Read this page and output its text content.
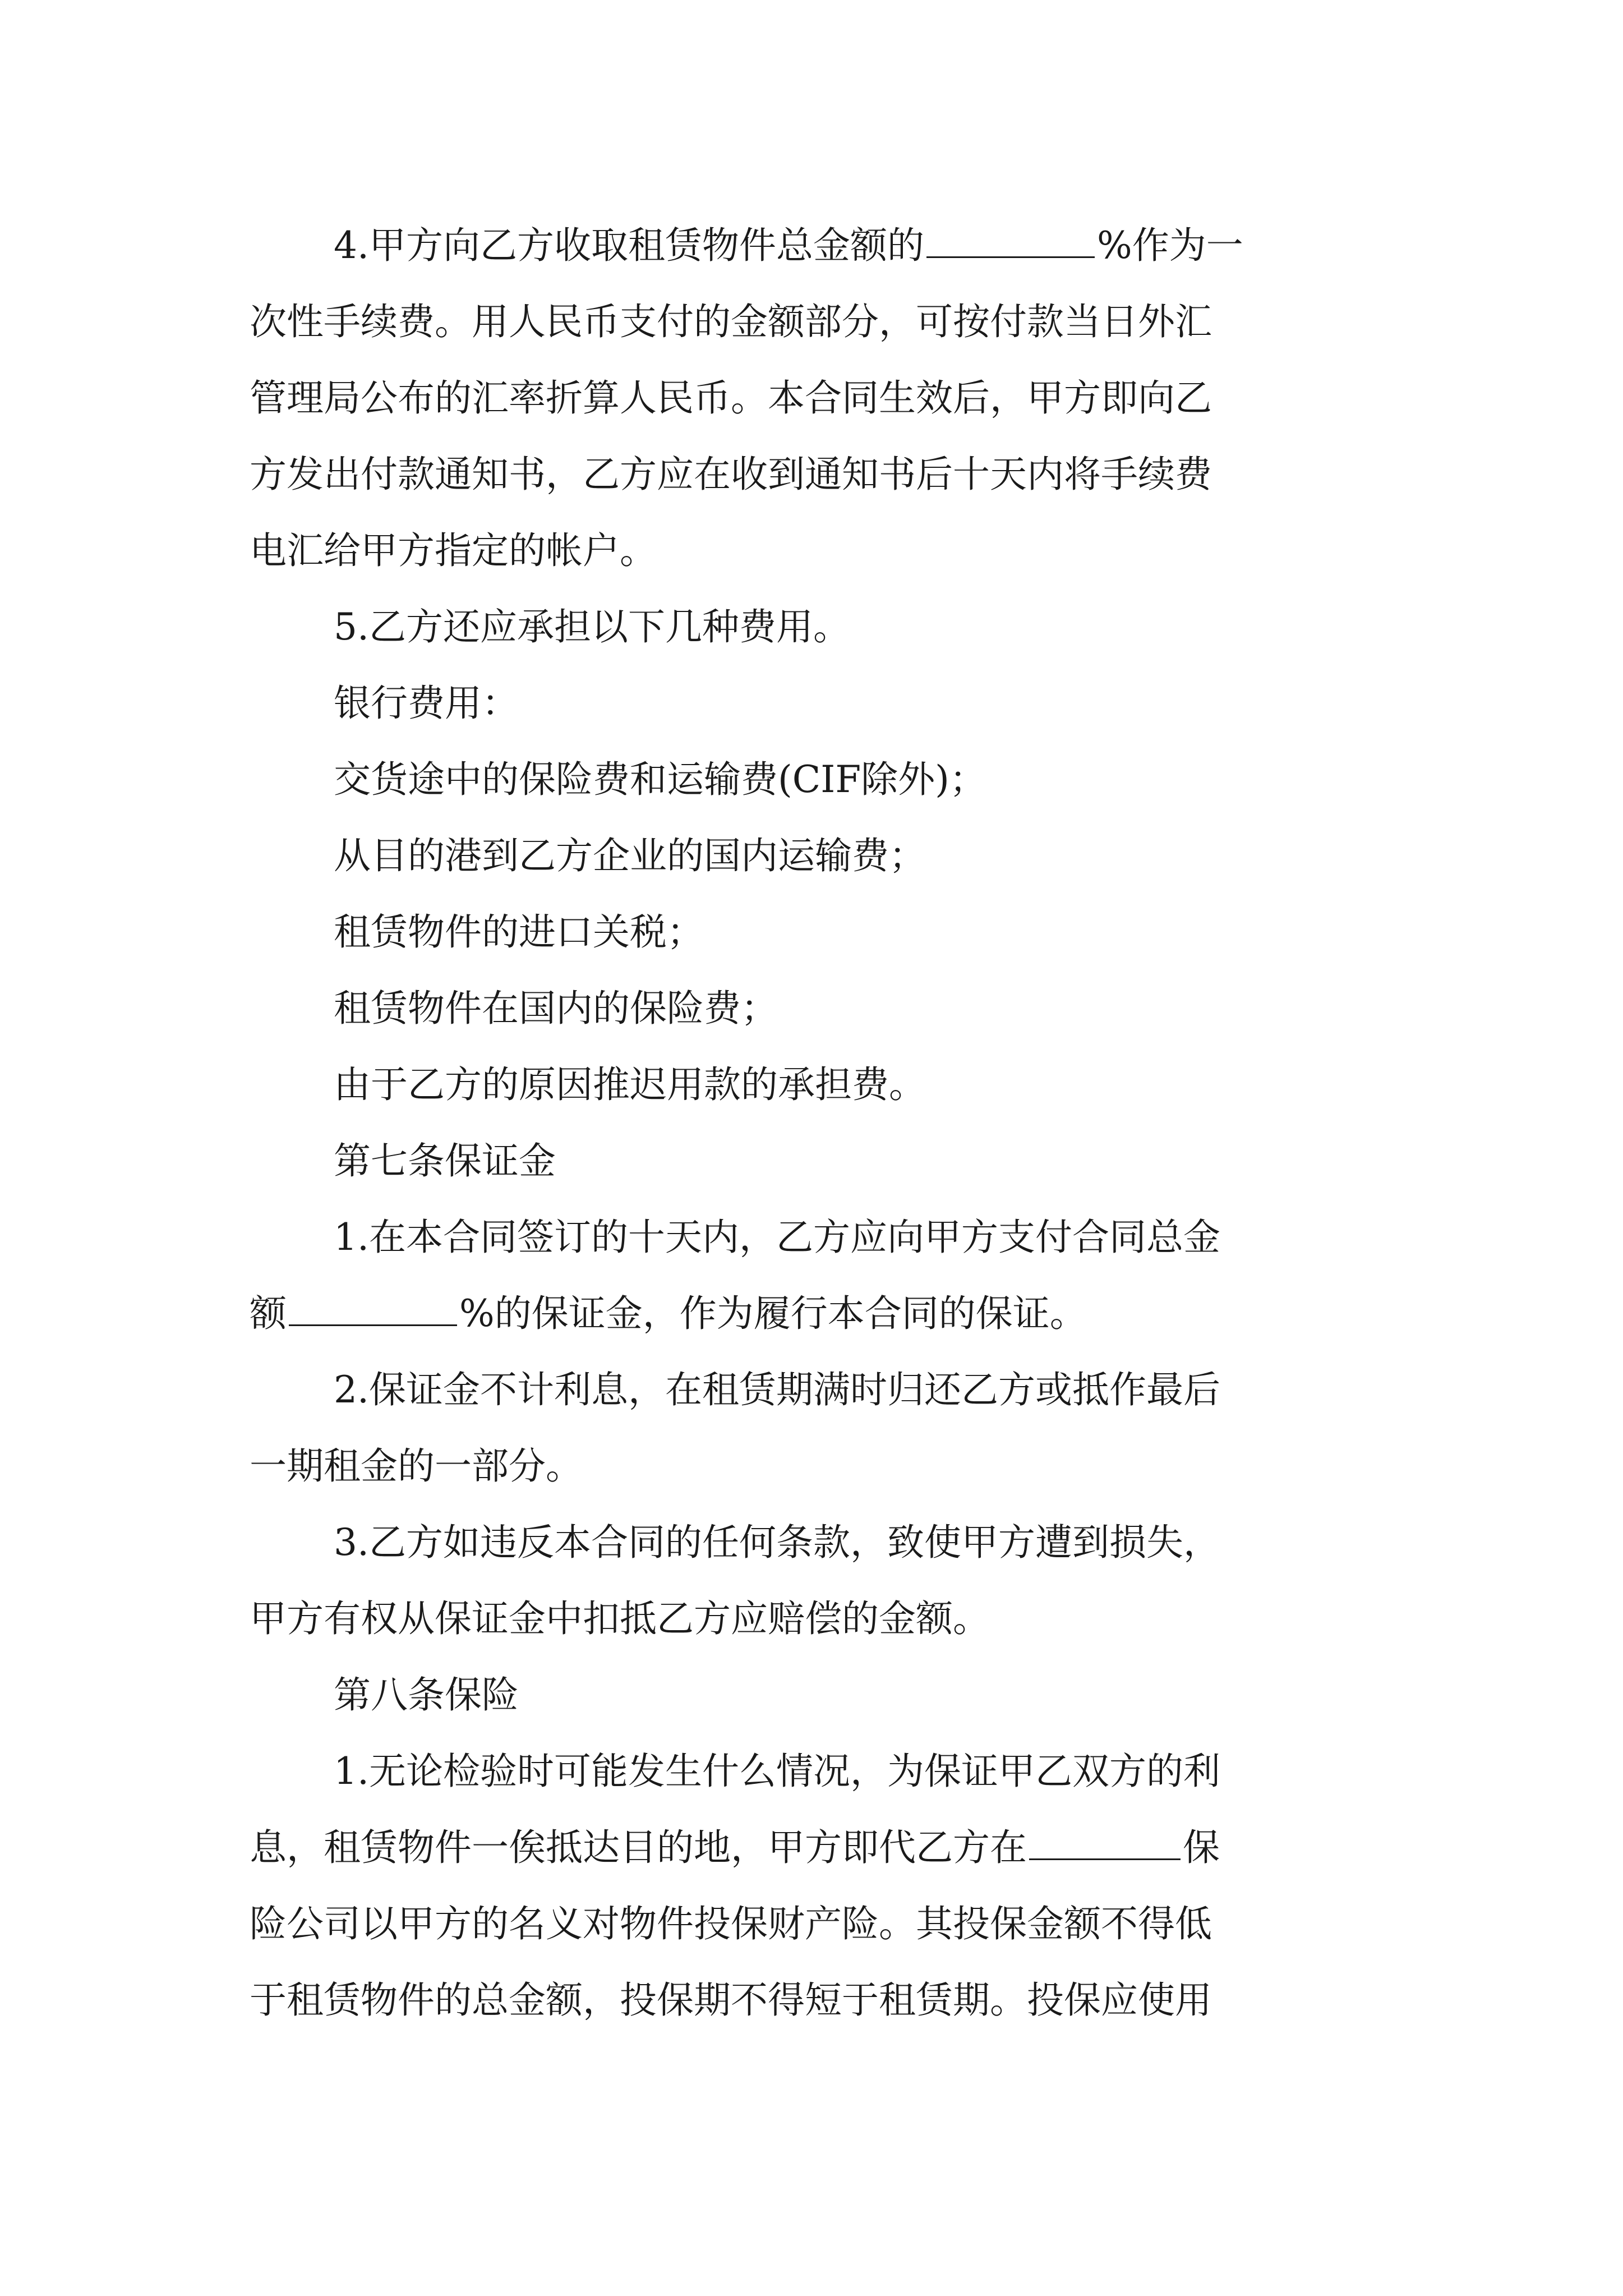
4.甲方向乙方收取租赁物件总金额的	%作为一
次性手续费。用人民币支付的金额部分，可按付款当日外汇
管理局公布的汇率折算人民币。本合同生效后，甲方即向乙
方发出付款通知书，乙方应在收到通知书后十天内将手续费
电汇给甲方指定的帐户。
5.乙方还应承担以下几种费用。
银行费用：
交货途中的保险费和运输费(CIF除外)；
从目的港到乙方企业的国内运输费；
租赁物件的进口关税；
租赁物件在国内的保险费；
由于乙方的原因推迟用款的承担费。
第七条保证金
1.在本合同签订的十天内，乙方应向甲方支付合同总金
额	%的保证金，作为履行本合同的保证。
2.保证金不计利息，在租赁期满时归还乙方或抵作最后
一期租金的一部分。
3.乙方如违反本合同的任何条款，致使甲方遭到损失，
甲方有权从保证金中扣抵乙方应赔偿的金额。
第八条保险
1.无论检验时可能发生什么情况，为保证甲乙双方的利
息，租赁物件一俟抵达目的地，甲方即代乙方在	保
险公司以甲方的名义对物件投保财产险。其投保金额不得低
于租赁物件的总金额，投保期不得短于租赁期。投保应使用
